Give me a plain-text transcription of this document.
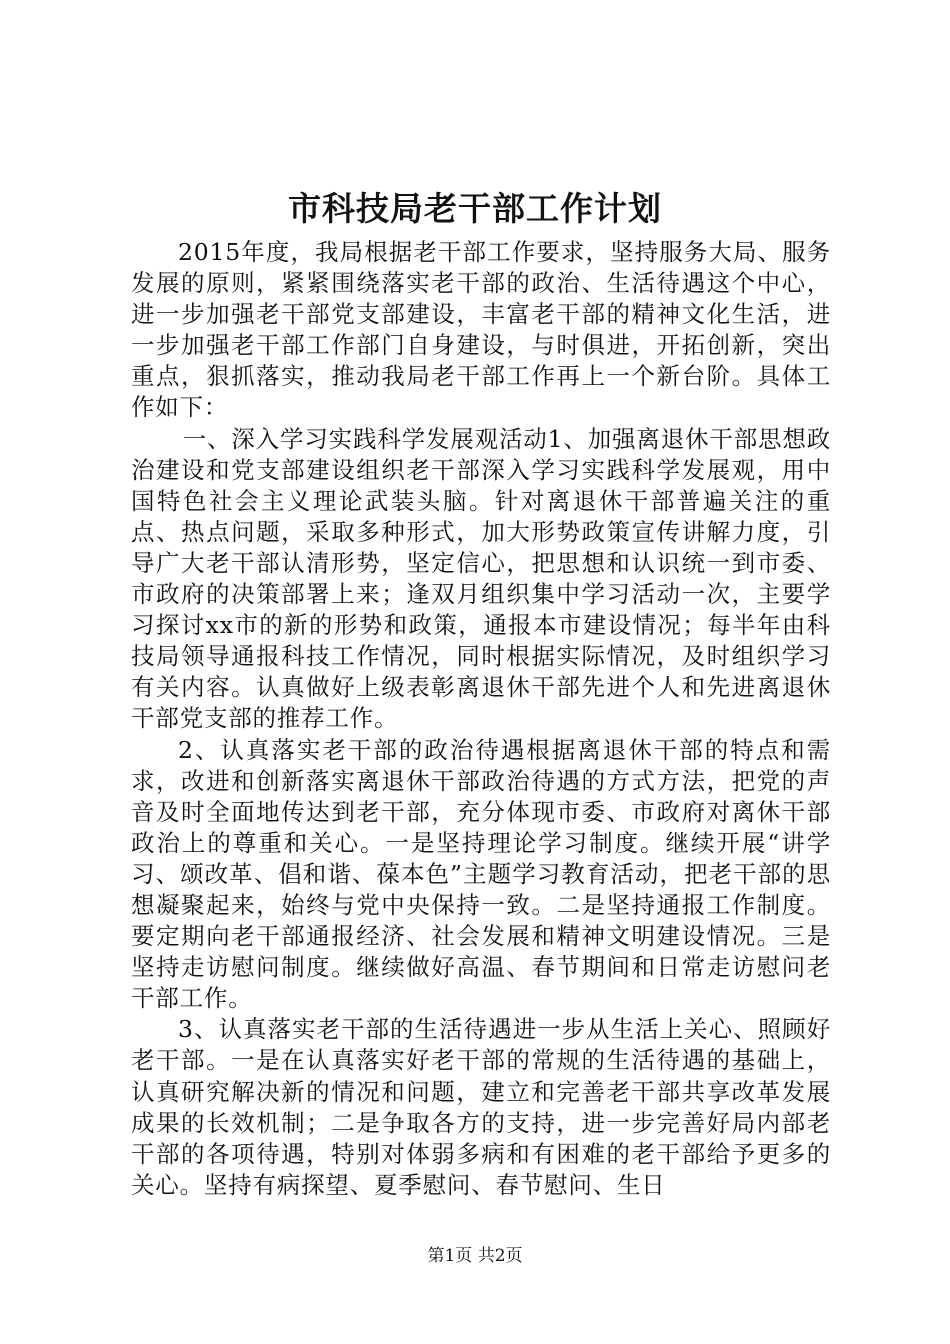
市科技局老干部工作计划

2015年度，我局根据老干部工作要求，坚持服务大局、服务发展的原则，紧紧围绕落实老干部的政治、生活待遇这个中心，进一步加强老干部党支部建设，丰富老干部的精神文化生活，进一步加强老干部工作部门自身建设，与时俱进，开拓创新，突出重点，狠抓落实，推动我局老干部工作再上一个新台阶。具体工作如下：

一、深入学习实践科学发展观活动1、加强离退休干部思想政治建设和党支部建设组织老干部深入学习实践科学发展观，用中国特色社会主义理论武装头脑。针对离退休干部普遍关注的重点、热点问题，采取多种形式，加大形势政策宣传讲解力度，引导广大老干部认清形势，坚定信心，把思想和认识统一到市委、市政府的决策部署上来；逢双月组织集中学习活动一次，主要学习探讨xx市的新的形势和政策，通报本市建设情况；每半年由科技局领导通报科技工作情况，同时根据实际情况，及时组织学习有关内容。认真做好上级表彰离退休干部先进个人和先进离退休干部党支部的推荐工作。

2、认真落实老干部的政治待遇根据离退休干部的特点和需求，改进和创新落实离退休干部政治待遇的方式方法，把党的声音及时全面地传达到老干部，充分体现市委、市政府对离休干部政治上的尊重和关心。一是坚持理论学习制度。继续开展“讲学习、颂改革、倡和谐、葆本色”主题学习教育活动，把老干部的思想凝聚起来，始终与党中央保持一致。二是坚持通报工作制度。要定期向老干部通报经济、社会发展和精神文明建设情况。三是坚持走访慰问制度。继续做好高温、春节期间和日常走访慰问老干部工作。

3、认真落实老干部的生活待遇进一步从生活上关心、照顾好老干部。一是在认真落实好老干部的常规的生活待遇的基础上，认真研究解决新的情况和问题，建立和完善老干部共享改革发展成果的长效机制；二是争取各方的支持，进一步完善好局内部老干部的各项待遇，特别对体弱多病和有困难的老干部给予更多的关心。坚持有病探望、夏季慰问、春节慰问、生日

第1页 共2页
